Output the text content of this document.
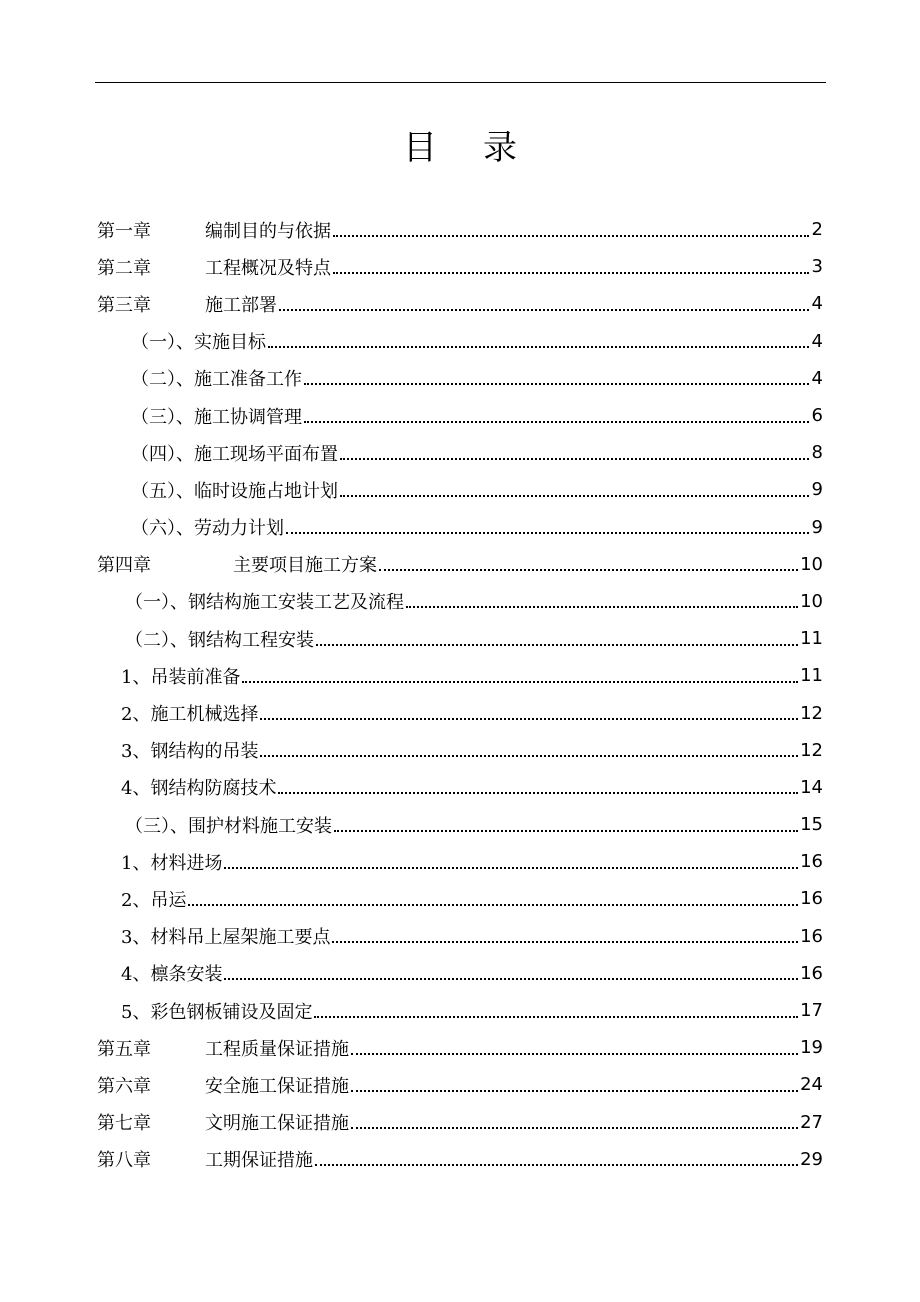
目 录
第一章	编制目的与依据	2
第二章	工程概况及特点	3
第三章	施工部署	4
（一）、实施目标	4
（二）、施工准备工作	4
（三）、施工协调管理	6
（四）、施工现场平面布置	8
（五）、临时设施占地计划	9
（六）、劳动力计划	9
第四章	主要项目施工方案	10
（一）、钢结构施工安装工艺及流程	10
（二）、钢结构工程安装	11
1、吊装前准备	11
2、施工机械选择	12
3、钢结构的吊装	12
4、钢结构防腐技术	14
（三）、围护材料施工安装	15
1、材料进场	16
2、吊运	16
3、材料吊上屋架施工要点	16
4、檩条安装	16
5、彩色钢板铺设及固定	17
第五章	工程质量保证措施	19
第六章	安全施工保证措施	24
第七章	文明施工保证措施	27
第八章	工期保证措施	29
